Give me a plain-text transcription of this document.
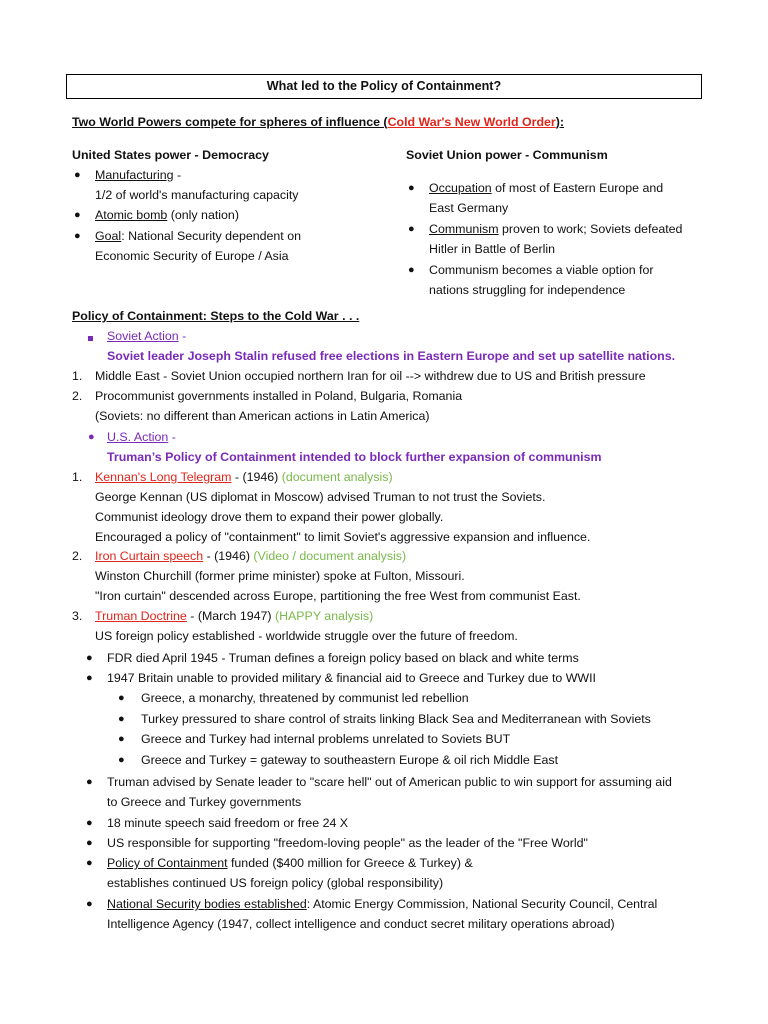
What led to the Policy of Containment?
Two World Powers compete for spheres of influence (Cold War's New World Order):
United States power - Democracy
● Manufacturing -
1/2 of world's manufacturing capacity
● Atomic bomb (only nation)
● Goal: National Security dependent on
Economic Security of Europe / Asia
Soviet Union power - Communism
● Occupation of most of Eastern Europe and
East Germany
● Communism proven to work; Soviets defeated
Hitler in Battle of Berlin
● Communism becomes a viable option for
nations struggling for independence
Policy of Containment: Steps to the Cold War . . .
Soviet Action -
Soviet leader Joseph Stalin refused free elections in Eastern Europe and set up satellite nations.
1. Middle East - Soviet Union occupied northern Iran for oil --> withdrew due to US and British pressure
2. Procommunist governments installed in Poland, Bulgaria, Romania
(Soviets: no different than American actions in Latin America)
● U.S. Action -
Truman’s Policy of Containment intended to block further expansion of communism
1. Kennan's Long Telegram - (1946) (document analysis)
George Kennan (US diplomat in Moscow) advised Truman to not trust the Soviets.
Communist ideology drove them to expand their power globally.
Encouraged a policy of "containment" to limit Soviet's aggressive expansion and influence.
2. Iron Curtain speech - (1946) (Video / document analysis)
Winston Churchill (former prime minister) spoke at Fulton, Missouri.
"Iron curtain" descended across Europe, partitioning the free West from communist East.
3. Truman Doctrine - (March 1947) (HAPPY analysis)
US foreign policy established - worldwide struggle over the future of freedom.
● FDR died April 1945 - Truman defines a foreign policy based on black and white terms
● 1947 Britain unable to provided military & financial aid to Greece and Turkey due to WWII
● Greece, a monarchy, threatened by communist led rebellion
● Turkey pressured to share control of straits linking Black Sea and Mediterranean with Soviets
● Greece and Turkey had internal problems unrelated to Soviets BUT
● Greece and Turkey = gateway to southeastern Europe & oil rich Middle East
● Truman advised by Senate leader to "scare hell" out of American public to win support for assuming aid
to Greece and Turkey governments
● 18 minute speech said freedom or free 24 X
● US responsible for supporting "freedom-loving people" as the leader of the "Free World"
● Policy of Containment funded ($400 million for Greece & Turkey) &
establishes continued US foreign policy (global responsibility)
● National Security bodies established: Atomic Energy Commission, National Security Council, Central
Intelligence Agency (1947, collect intelligence and conduct secret military operations abroad)
